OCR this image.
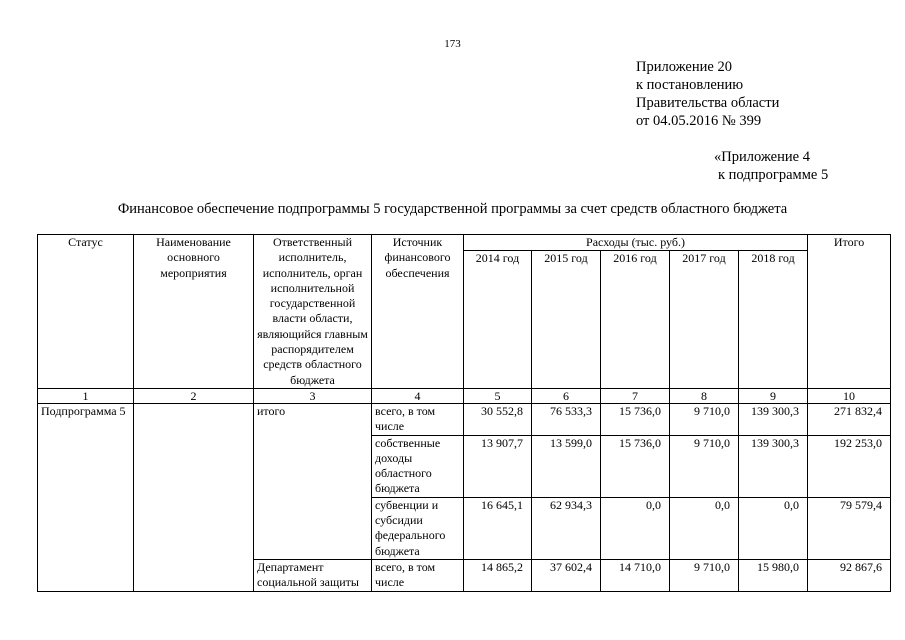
173
Приложение 20
к постановлению
Правительства области
от 04.05.2016 № 399
«Приложение 4
к подпрограмме 5
Финансовое обеспечение подпрограммы 5 государственной программы за счет средств областного бюджета
Статус	Наименование основного мероприятия	Ответственный исполнитель, исполнитель, орган исполнительной государственной власти области, являющийся главным распорядителем средств областного бюджета	Источник финансового обеспечения	Расходы (тыс. руб.)					Итого
				2014 год	2015 год	2016 год	2017 год	2018 год	
1	2	3	4	5	6	7	8	9	10
Подпрограмма 5		итого	всего, в том числе	30 552,8	76 533,3	15 736,0	9 710,0	139 300,3	271 832,4
			собственные доходы областного бюджета	13 907,7	13 599,0	15 736,0	9 710,0	139 300,3	192 253,0
			субвенции и субсидии федерального бюджета	16 645,1	62 934,3	0,0	0,0	0,0	79 579,4
		Департамент социальной защиты	всего, в том числе	14 865,2	37 602,4	14 710,0	9 710,0	15 980,0	92 867,6
